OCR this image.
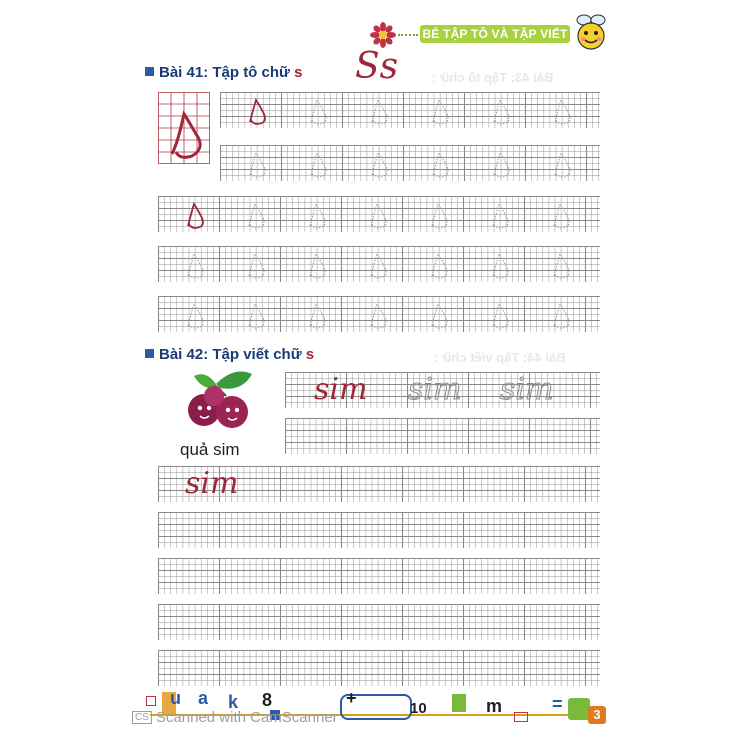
BÉ TẬP TÔ VÀ TẬP VIẾT
Bài 41: Tập tô chữ s Ss	Bài 43: Tập tô chữ :
Bài 42: Tập viết chữ s	Bài 44: Tập viết chữ :
quả sim
sim sim sim
sim
u a k 8	+
10	m	=
3
CS Scanned with CamScanner
